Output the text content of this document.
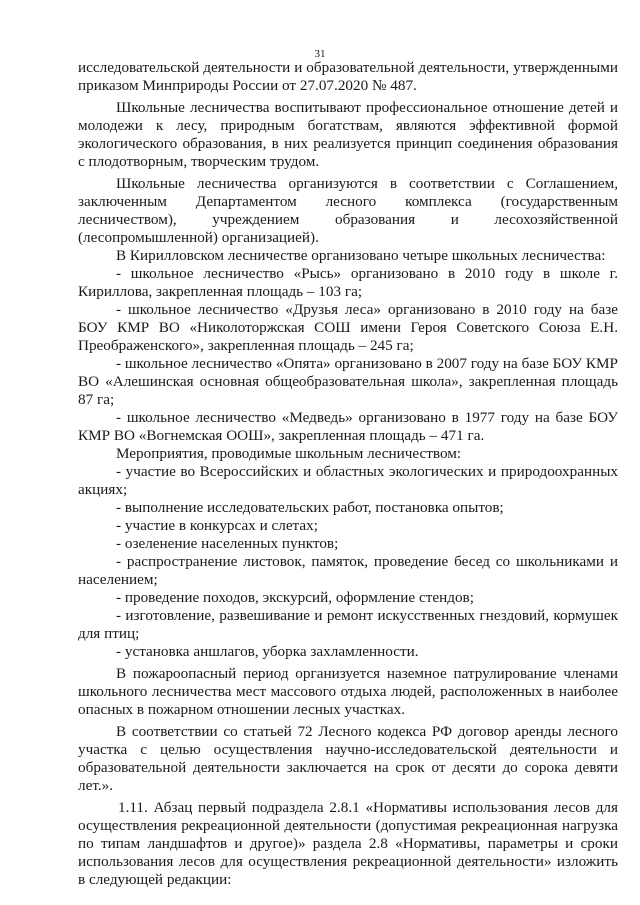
31

исследовательской деятельности и образовательной деятельности, утвержденными приказом Минприроды России от 27.07.2020 № 487.

Школьные лесничества воспитывают профессиональное отношение детей и молодежи к лесу, природным богатствам, являются эффективной формой экологического образования, в них реализуется принцип соединения образования с плодотворным, творческим трудом.

Школьные лесничества организуются в соответствии с Соглашением, заключенным Департаментом лесного комплекса (государственным лесничеством), учреждением образования и лесохозяйственной (лесопромышленной) организацией).

В Кирилловском лесничестве организовано четыре школьных лесничества:

- школьное лесничество «Рысь» организовано в 2010 году в школе г. Кириллова, закрепленная площадь – 103 га;

- школьное лесничество «Друзья леса» организовано в 2010 году на базе БОУ КМР ВО «Николоторжская СОШ имени Героя Советского Союза Е.Н. Преображенского», закрепленная площадь – 245 га;

- школьное лесничество «Опята» организовано в 2007 году на базе БОУ КМР ВО «Алешинская основная общеобразовательная школа», закрепленная площадь 87 га;

- школьное лесничество «Медведь» организовано в 1977 году на базе БОУ КМР ВО «Вогнемская ООШ», закрепленная площадь – 471 га.

Мероприятия, проводимые школьным лесничеством:

- участие во Всероссийских и областных экологических и природоохранных акциях;

- выполнение исследовательских работ, постановка опытов;

- участие в конкурсах и слетах;

- озеленение населенных пунктов;

- распространение листовок, памяток, проведение бесед со школьниками и населением;

- проведение походов, экскурсий, оформление стендов;

- изготовление, развешивание и ремонт искусственных гнездовий, кормушек для птиц;

- установка аншлагов, уборка захламленности.

В пожароопасный период организуется наземное патрулирование членами школьного лесничества мест массового отдыха людей, расположенных в наиболее опасных в пожарном отношении лесных участках.

В соответствии со статьей 72 Лесного кодекса РФ договор аренды лесного участка с целью осуществления научно-исследовательской деятельности и образовательной деятельности заключается на срок от десяти до сорока девяти лет.».

1.11. Абзац первый подраздела 2.8.1 «Нормативы использования лесов для осуществления рекреационной деятельности (допустимая рекреационная нагрузка по типам ландшафтов и другое)» раздела 2.8 «Нормативы, параметры и сроки использования лесов для осуществления рекреационной деятельности» изложить в следующей редакции:
